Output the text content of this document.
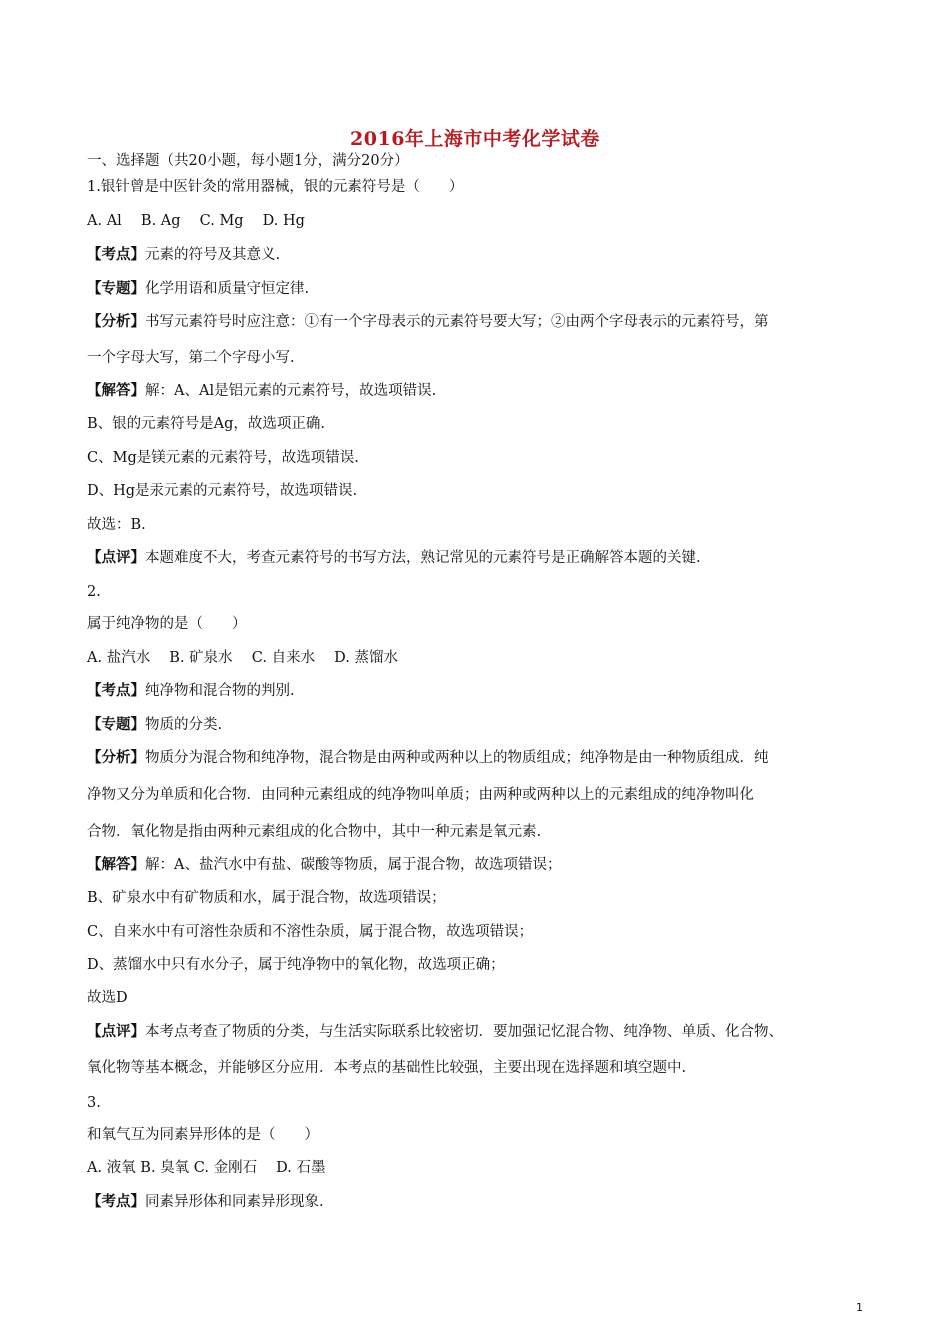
2016年上海市中考化学试卷
一、选择题（共20小题，每小题1分，满分20分）
1.银针曾是中医针灸的常用器械，银的元素符号是（　　）
A. Al　 B. Ag　 C. Mg　 D. Hg
【考点】元素的符号及其意义.
【专题】化学用语和质量守恒定律.
【分析】书写元素符号时应注意：①有一个字母表示的元素符号要大写；②由两个字母表示的元素符号，第
一个字母大写，第二个字母小写.
【解答】解：A、Al是铝元素的元素符号，故选项错误.
B、银的元素符号是Ag，故选项正确.
C、Mg是镁元素的元素符号，故选项错误.
D、Hg是汞元素的元素符号，故选项错误.
故选：B.
【点评】本题难度不大，考查元素符号的书写方法，熟记常见的元素符号是正确解答本题的关键.
2.
属于纯净物的是（　　）
A. 盐汽水　 B. 矿泉水　 C. 自来水　 D. 蒸馏水
【考点】纯净物和混合物的判别.
【专题】物质的分类.
【分析】物质分为混合物和纯净物，混合物是由两种或两种以上的物质组成；纯净物是由一种物质组成．纯
净物又分为单质和化合物．由同种元素组成的纯净物叫单质；由两种或两种以上的元素组成的纯净物叫化
合物．氧化物是指由两种元素组成的化合物中，其中一种元素是氧元素.
【解答】解：A、盐汽水中有盐、碳酸等物质，属于混合物，故选项错误；
B、矿泉水中有矿物质和水，属于混合物，故选项错误；
C、自来水中有可溶性杂质和不溶性杂质，属于混合物，故选项错误；
D、蒸馏水中只有水分子，属于纯净物中的氧化物，故选项正确；
故选D
【点评】本考点考查了物质的分类，与生活实际联系比较密切．要加强记忆混合物、纯净物、单质、化合物、
氧化物等基本概念，并能够区分应用．本考点的基础性比较强，主要出现在选择题和填空题中.
3.
和氧气互为同素异形体的是（　　）
A. 液氧 B. 臭氧 C. 金刚石　 D. 石墨
【考点】同素异形体和同素异形现象.
1
